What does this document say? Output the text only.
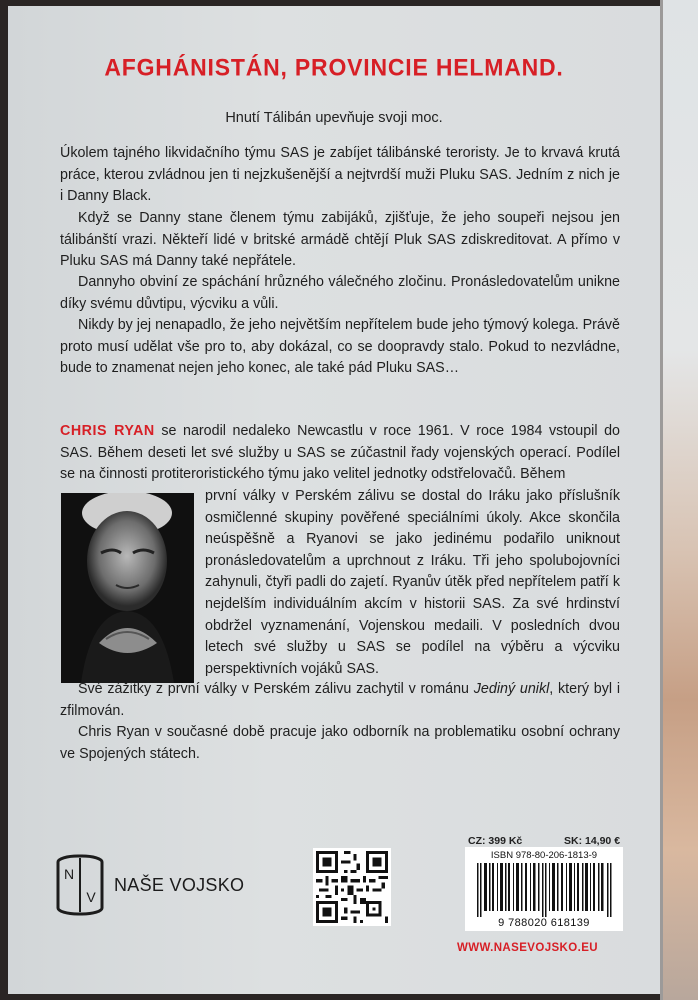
AFGHÁNISTÁN, PROVINCIE HELMAND.
Hnutí Tálibán upevňuje svoji moc.

Úkolem tajného likvidačního týmu SAS je zabíjet tálibánské teroristy. Je to krvavá krutá práce, kterou zvládnou jen ti nejzkušenější a nejtvrdší muži Pluku SAS. Jedním z nich je i Danny Black.

Když se Danny stane členem týmu zabijáků, zjišťuje, že jeho soupeři nejsou jen tálibánští vrazi. Někteří lidé v britské armádě chtějí Pluk SAS zdiskreditovat. A přímo v Pluku SAS má Danny také nepřátele.

Dannyho obviní ze spáchání hrůzného válečného zločinu. Pronásledovatelům unikne díky svému důvtipu, výcviku a vůli.

Nikdy by jej nenapadlo, že jeho největším nepřítelem bude jeho týmový kolega. Právě proto musí udělat vše pro to, aby dokázal, co se doopravdy stalo. Pokud to nezvládne, bude to znamenat nejen jeho konec, ale také pád Pluku SAS…

CHRIS RYAN se narodil nedaleko Newcastlu v roce 1961. V roce 1984 vstoupil do SAS. Během deseti let své služby u SAS se zúčastnil řady vojenských operací. Podílel se na činnosti protiteroristického týmu jako velitel jednotky odstřelovačů. Během

první války v Perském zálivu se dostal do Iráku jako příslušník osmičlenné skupiny pověřené speciálními úkoly. Akce skončila neúspěšně a Ryanovi se jako jedinému podařilo uniknout pronásledovatelům a uprchnout z Iráku. Tři jeho spolubojovníci zahynuli, čtyři padli do zajetí. Ryanův útěk před nepřítelem patří k nejdelším individuálním akcím v historii SAS. Za své hrdinství obdržel vyznamenání, Vojenskou medaili. V posledních dvou letech své služby u SAS se podílel na výběru a výcviku perspektivních vojáků SAS.

Své zážitky z první války v Perském zálivu zachytil v románu Jediný unikl, který byl i zfilmován.

Chris Ryan v současné době pracuje jako odborník na problematiku osobní ochrany ve Spojených státech.

N
V
NAŠE VOJSKO
CZ: 399 Kč	SK: 14,90 €
ISBN 978-80-206-1813-9
9 788020 618139
WWW.NASEVOJSKO.EU
